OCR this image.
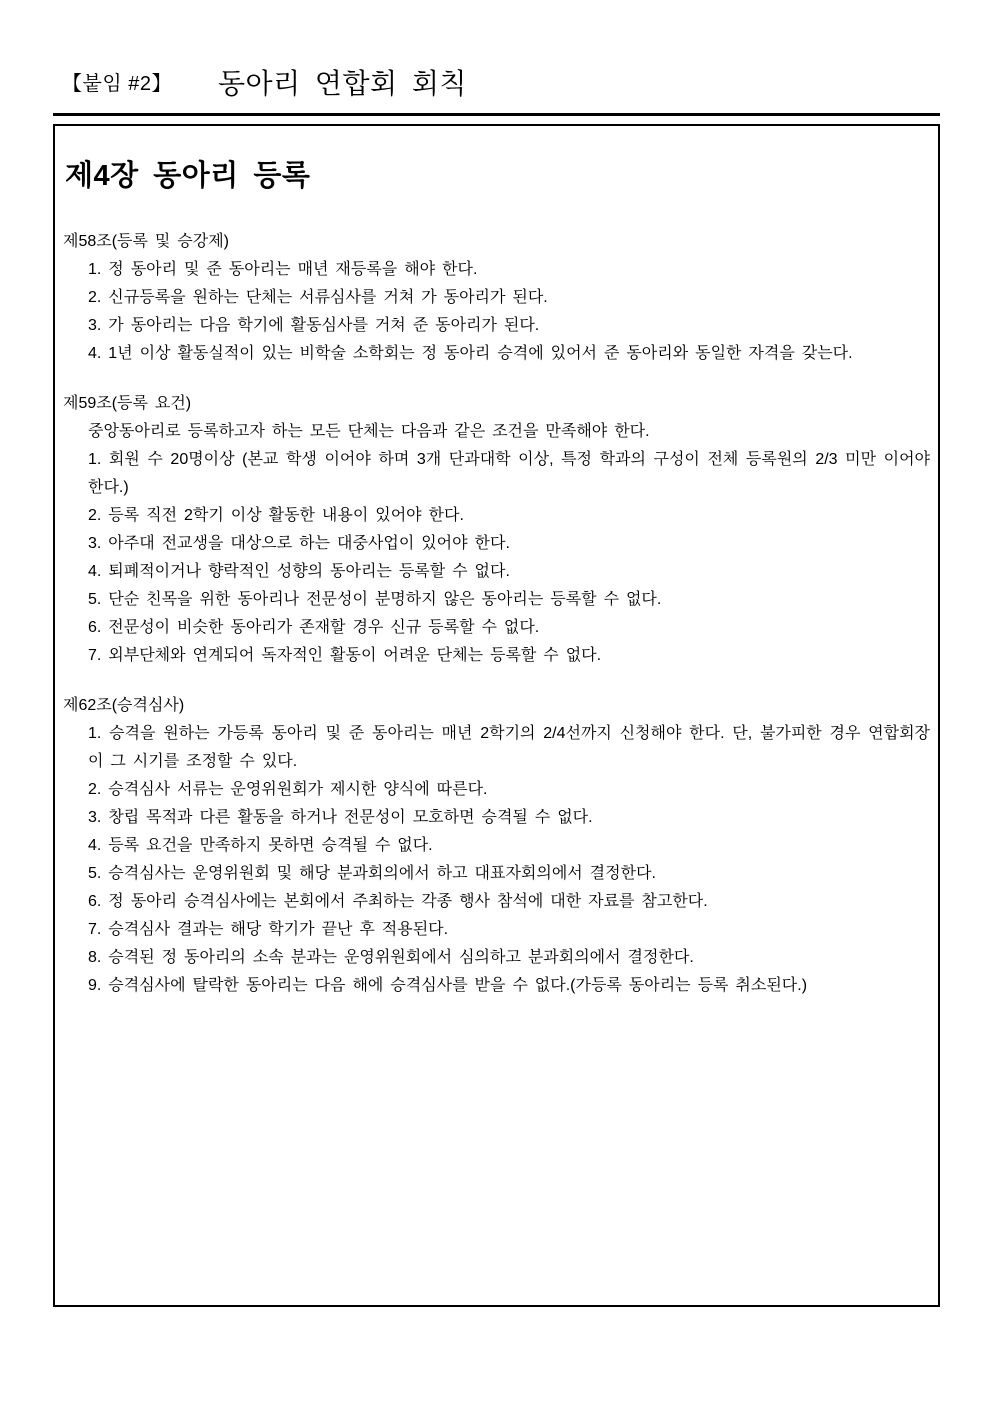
【붙임 #2】 동아리 연합회 회칙
제4장 동아리 등록
제58조(등록 및 승강제)

1. 정 동아리 및 준 동아리는 매년 재등록을 해야 한다.

2. 신규등록을 원하는 단체는 서류심사를 거쳐 가 동아리가 된다.

3. 가 동아리는 다음 학기에 활동심사를 거쳐 준 동아리가 된다.

4. 1년 이상 활동실적이 있는 비학술 소학회는 정 동아리 승격에 있어서 준 동아리와 동일한 자격을 갖는다.

제59조(등록 요건)

중앙동아리로 등록하고자 하는 모든 단체는 다음과 같은 조건을 만족해야 한다.

1. 회원 수 20명이상 (본교 학생 이어야 하며 3개 단과대학 이상, 특정 학과의 구성이 전체 등록원의 2/3 미만 이어야 한다.)

2. 등록 직전 2학기 이상 활동한 내용이 있어야 한다.

3. 아주대 전교생을 대상으로 하는 대중사업이 있어야 한다.

4. 퇴폐적이거나 향락적인 성향의 동아리는 등록할 수 없다.

5. 단순 친목을 위한 동아리나 전문성이 분명하지 않은 동아리는 등록할 수 없다.

6. 전문성이 비슷한 동아리가 존재할 경우 신규 등록할 수 없다.

7. 외부단체와 연계되어 독자적인 활동이 어려운 단체는 등록할 수 없다.

제62조(승격심사)

1. 승격을 원하는 가등록 동아리 및 준 동아리는 매년 2학기의 2/4선까지 신청해야 한다. 단, 불가피한 경우 연합회장이 그 시기를 조정할 수 있다.

2. 승격심사 서류는 운영위원회가 제시한 양식에 따른다.

3. 창립 목적과 다른 활동을 하거나 전문성이 모호하면 승격될 수 없다.

4. 등록 요건을 만족하지 못하면 승격될 수 없다.

5. 승격심사는 운영위원회 및 해당 분과회의에서 하고 대표자회의에서 결정한다.

6. 정 동아리 승격심사에는 본회에서 주최하는 각종 행사 참석에 대한 자료를 참고한다.

7. 승격심사 결과는 해당 학기가 끝난 후 적용된다.

8. 승격된 정 동아리의 소속 분과는 운영위원회에서 심의하고 분과회의에서 결정한다.

9. 승격심사에 탈락한 동아리는 다음 해에 승격심사를 받을 수 없다.(가등록 동아리는 등록 취소된다.)
